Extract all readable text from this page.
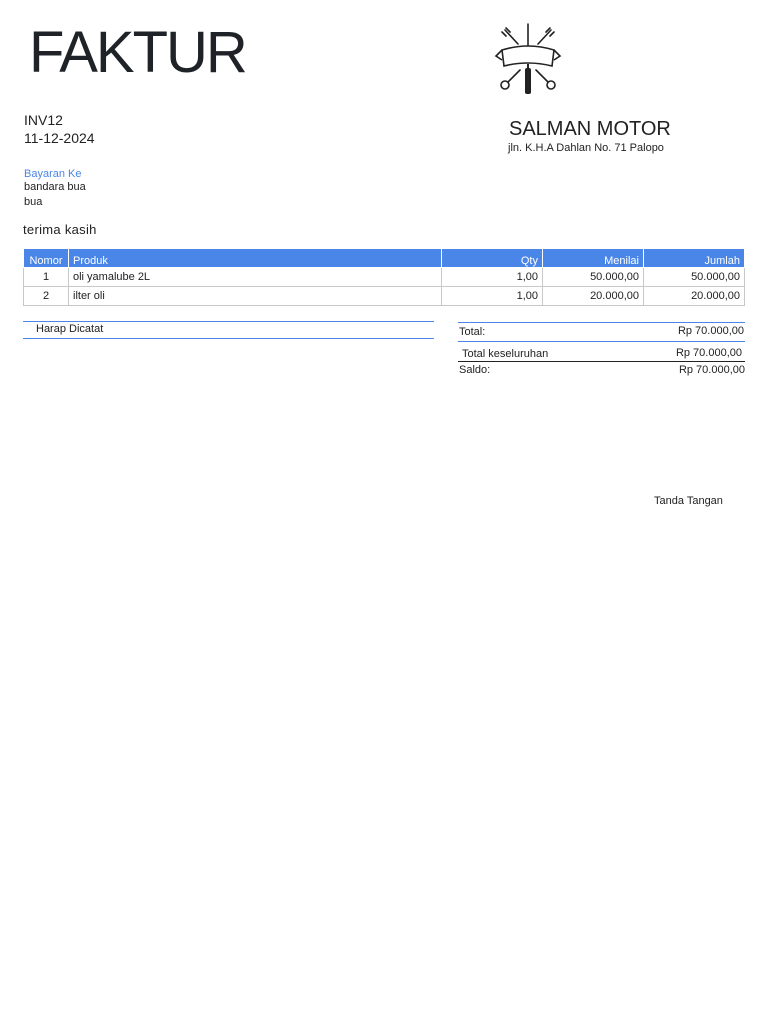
FAKTUR
INV12
11-12-2024	SALMAN MOTOR
jln. K.H.A Dahlan No. 71 Palopo
Bayaran Ke
bandara bua
bua
terima kasih
Nomor	Produk	Qty	Menilai	Jumlah
1	oli yamalube 2L	1,00	50.000,00	50.000,00
2	ilter oli	1,00	20.000,00	20.000,00
Harap Dicatat	Total:	Rp 70.000,00
Total keseluruhan	Rp 70.000,00
Saldo:	Rp 70.000,00
Tanda Tangan
